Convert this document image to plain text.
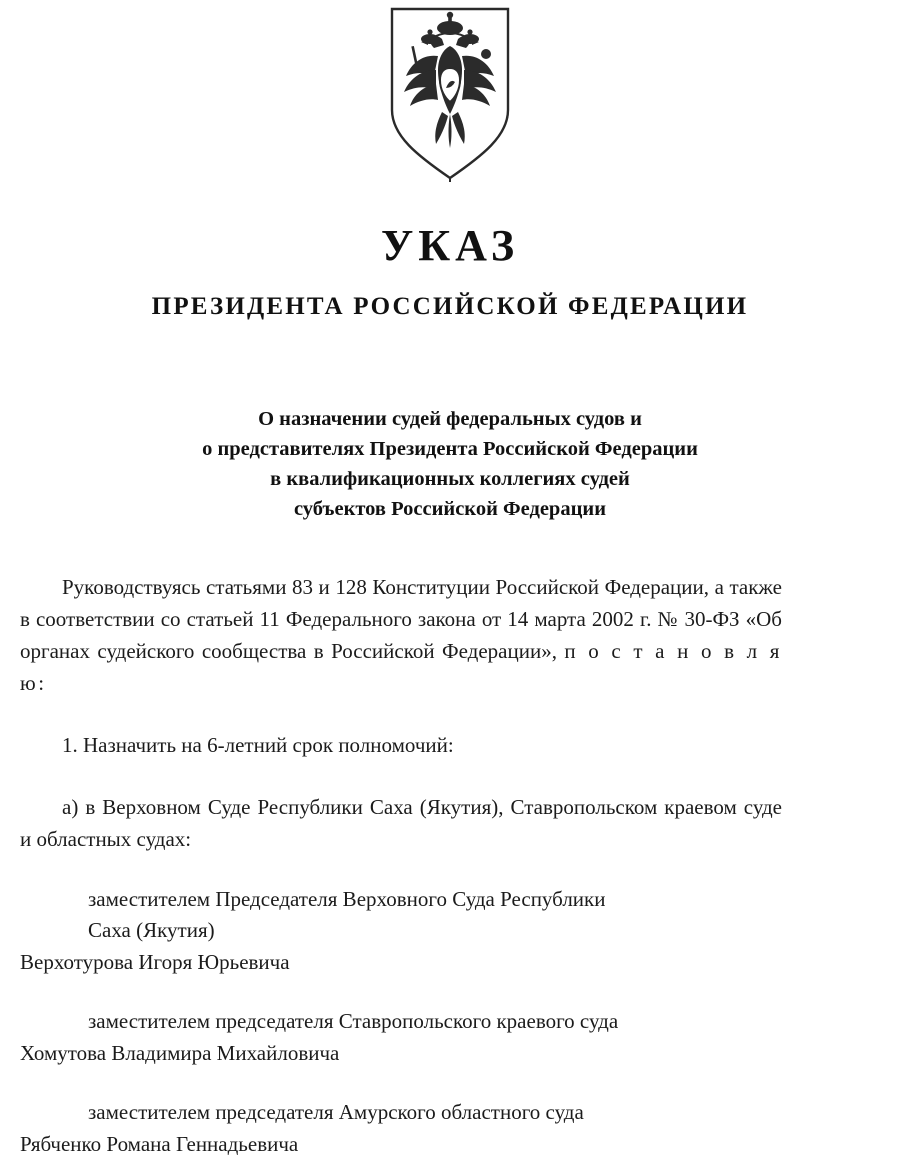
УКАЗ
ПРЕЗИДЕНТА РОССИЙСКОЙ ФЕДЕРАЦИИ
О назначении судей федеральных судов и
о представителях Президента Российской Федерации
в квалификационных коллегиях судей
субъектов Российской Федерации

Руководствуясь статьями 83 и 128 Конституции Российской Федерации, а также в соответствии со статьей 11 Федерального закона от 14 марта 2002 г. № 30-ФЗ «Об органах судейского сообщества в Российской Федерации», п о с т а н о в л я ю:

1. Назначить на 6-летний срок полномочий:

а) в Верховном Суде Республики Саха (Якутия), Ставропольском краевом суде и областных судах:

заместителем Председателя Верховного Суда Республики

Саха (Якутия)

Верхотурова Игоря Юрьевича

заместителем председателя Ставропольского краевого суда

Хомутова Владимира Михайловича

заместителем председателя Амурского областного суда

Рябченко Романа Геннадьевича
